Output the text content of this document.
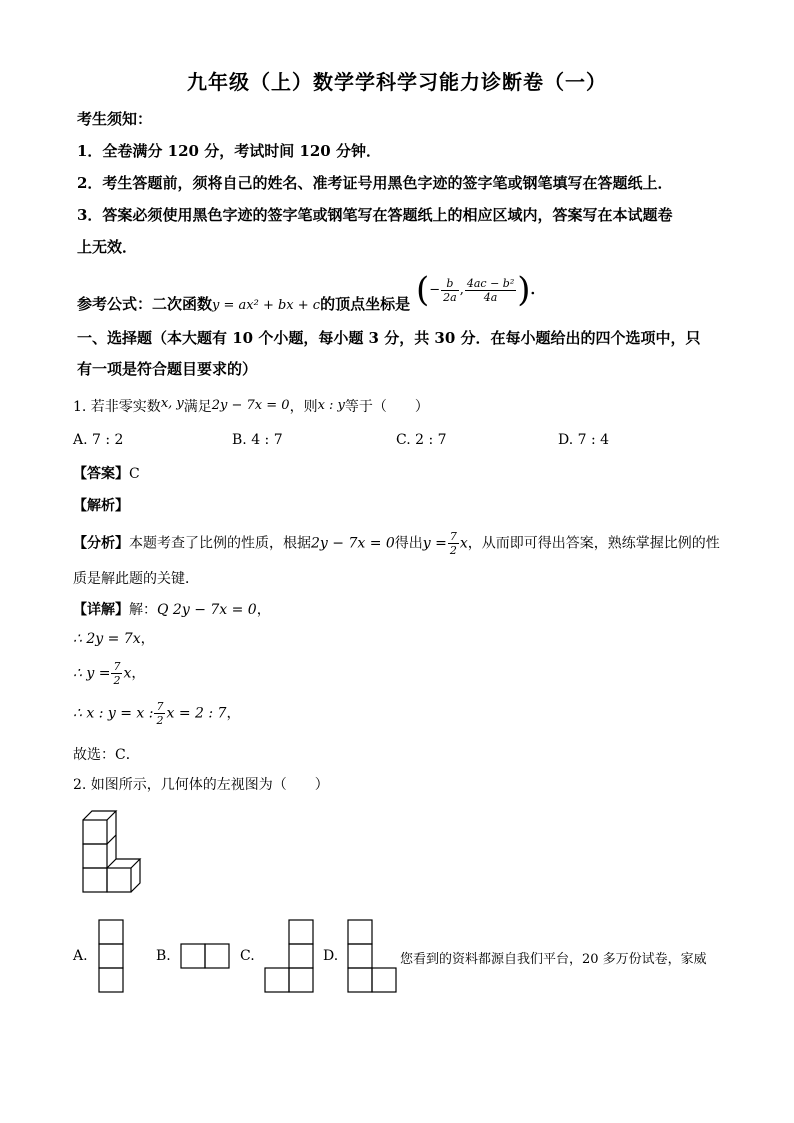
九年级（上）数学学科学习能力诊断卷（一）
考生须知：
1．全卷满分 120 分，考试时间 120 分钟．
2．考生答题前，须将自己的姓名、准考证号用黑色字迹的签字笔或钢笔填写在答题纸上．
3．答案必须使用黑色字迹的签字笔或钢笔写在答题纸上的相应区域内，答案写在本试题卷
上无效．
参考公式：二次函数y = ax² + bx + c的顶点坐标是 (− $\frac{b}{2a}$ , $\frac{\text{4ac − b²}}{4a}$ )．
一、选择题（本大题有 10 个小题，每小题 3 分，共 30 分．在每小题给出的四个选项中，只
有一项是符合题目要求的）
1. 若非零实数x, y满足2y − 7x = 0，则x : y等于（　　）
A. 7 : 2	B. 4 : 7	C. 2 : 7	D. 7 : 4
【答案】C
【解析】
【分析】本题考查了比例的性质，根据2y − 7x = 0得出$y = \frac{7}{2}$ x，从而即可得出答案，熟练掌握比例的性
质是解此题的关键．
【详解】解：Q 2y − 7x = 0，
∴ 2y = 7x，
∴ $y = \frac{7}{2}$ x，
∴ x : y = x : $\frac{7}{2}$ x = 2 : 7，
故选：C．
2. 如图所示，几何体的左视图为（　　）
A.	B.	C.	D.	您看到的资料都源自我们平台，20 多万份试卷，家威
